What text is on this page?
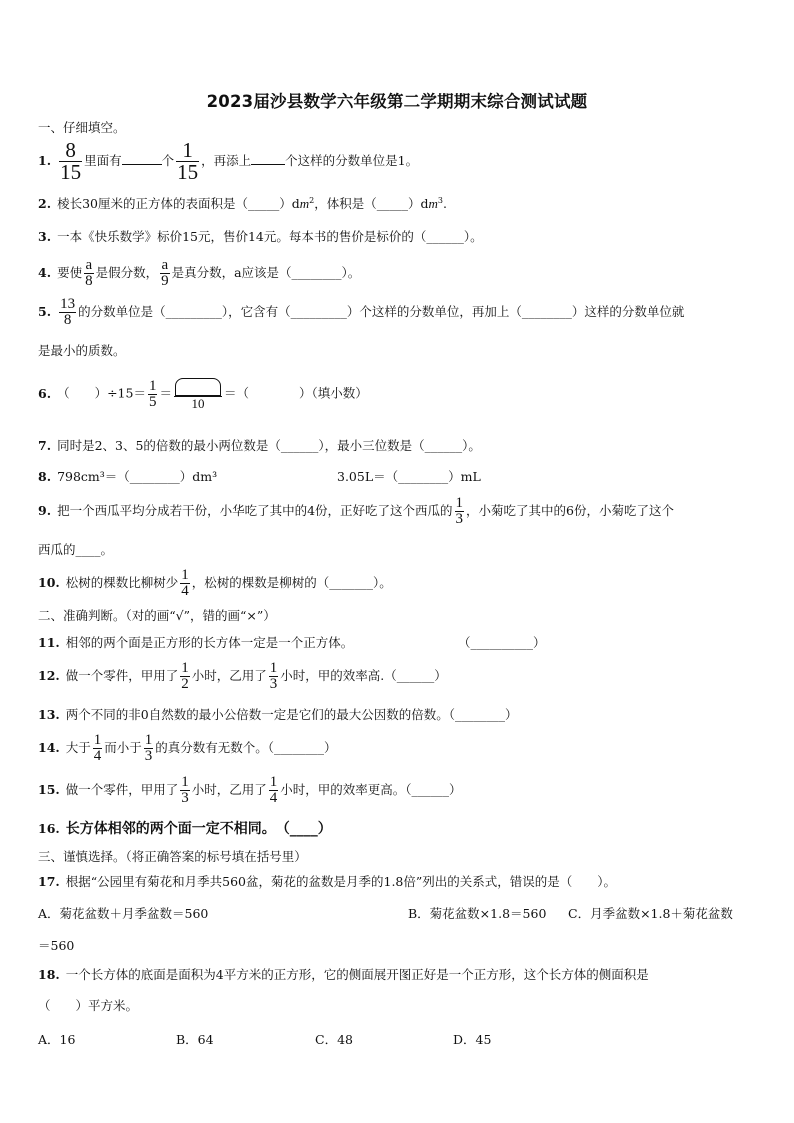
2023届沙县数学六年级第二学期期末综合测试试题
一、仔细填空。
1. $\frac{8}{15}$ 里面有	个 $\frac{1}{15}$ ，再添上	个这样的分数单位是1。
2. 棱长30厘米的正方体的表面积是$(\_\_\_\_\_)dm^2$，体积是$(\_\_\_\_\_)dm^3$.
3. 一本《快乐数学》标价15元，售价14元。每本书的售价是标价的（______）。
4. 要使 $\frac{a}{8}$ 是假分数， $\frac{a}{9}$ 是真分数，a应该是（________）。
5. $\frac{13}{8}$ 的分数单位是（_________），它含有（_________）个这样的分数单位，再加上（________）这样的分数单位就
是最小的质数。
6. （　　）$\div 15= \frac{1}{5}$ ＝
10
＝（　　　　）（填小数）
7. 同时是2、3、5的倍数的最小两位数是（______），最小三位数是（______）。
8. 798cm³＝（________）dm³	3.05L＝（________）mL
9. 把一个西瓜平均分成若干份，小华吃了其中的4份，正好吃了这个西瓜的 $\frac{1}{3}$ ，小菊吃了其中的6份，小菊吃了这个
西瓜的____。
10. 松树的棵数比柳树少 $\frac{1}{4}$ ，松树的棵数是柳树的（_______）。
二、准确判断。（对的画“√”，错的画“×”）
11. 相邻的两个面是正方形的长方体一定是一个正方体。	（__________）
12. 做一个零件，甲用了 $\frac{1}{2}$ 小时，乙用了 $\frac{1}{3}$ 小时，甲的效率高.（______）
13. 两个不同的非0自然数的最小公倍数一定是它们的最大公因数的倍数。（________）
14. 大于 $\frac{1}{4}$ 而小于 $\frac{1}{3}$ 的真分数有无数个。（________）
15. 做一个零件，甲用了 $\frac{1}{3}$ 小时，乙用了 $\frac{1}{4}$ 小时，甲的效率更高。（______）
16. 长方体相邻的两个面一定不相同。　（____）
三、谨慎选择。（将正确答案的标号填在括号里）
17. 根据“公园里有菊花和月季共560盆，菊花的盆数是月季的1.8倍”列出的关系式，错误的是（　　）。
A．菊花盆数＋月季盆数＝560	B．菊花盆数×1.8＝560 C．月季盆数×1.8＋菊花盆数
＝560
18. 一个长方体的底面是面积为4平方米的正方形，它的侧面展开图正好是一个正方形，这个长方体的侧面积是
（　　）平方米。
A．16	B．64	C．48	D．45
